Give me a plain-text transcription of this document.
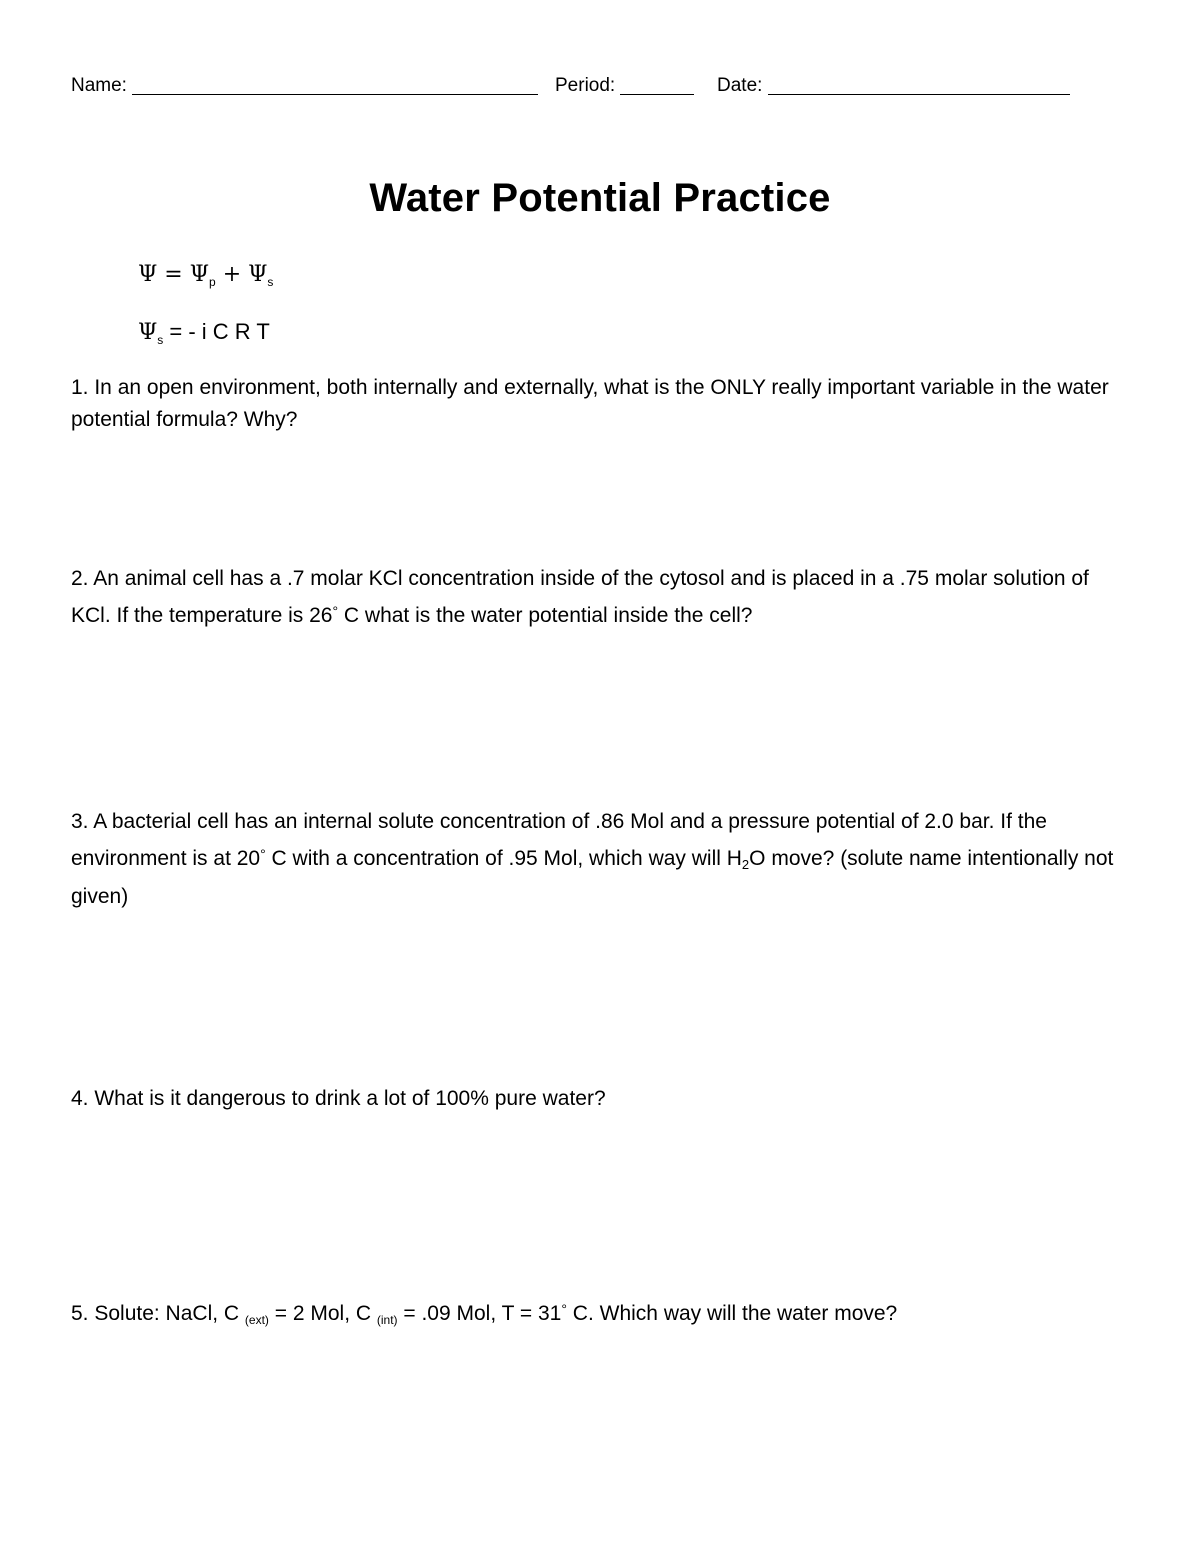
Name:	Period:	Date:
Water Potential Practice
$\Psi = \Psi_p + \Psi_s$
$\Psi_s$ = - i C R T
1. In an open environment, both internally and externally, what is the ONLY really important variable in the water potential formula? Why?
2. An animal cell has a .7 molar KCl concentration inside of the cytosol and is placed in a .75 molar solution of KCl. If the temperature is 26° C what is the water potential inside the cell?
3. A bacterial cell has an internal solute concentration of .86 Mol and a pressure potential of 2.0 bar. If the environment is at 20° C with a concentration of .95 Mol, which way will $H_2O$ move? (solute name intentionally not given)
4. What is it dangerous to drink a lot of 100% pure water?
5. Solute: NaCl, C $_{(ext)}$ = 2 Mol, C $_{(int)}$ = .09 Mol, T = 31° C. Which way will the water move?
